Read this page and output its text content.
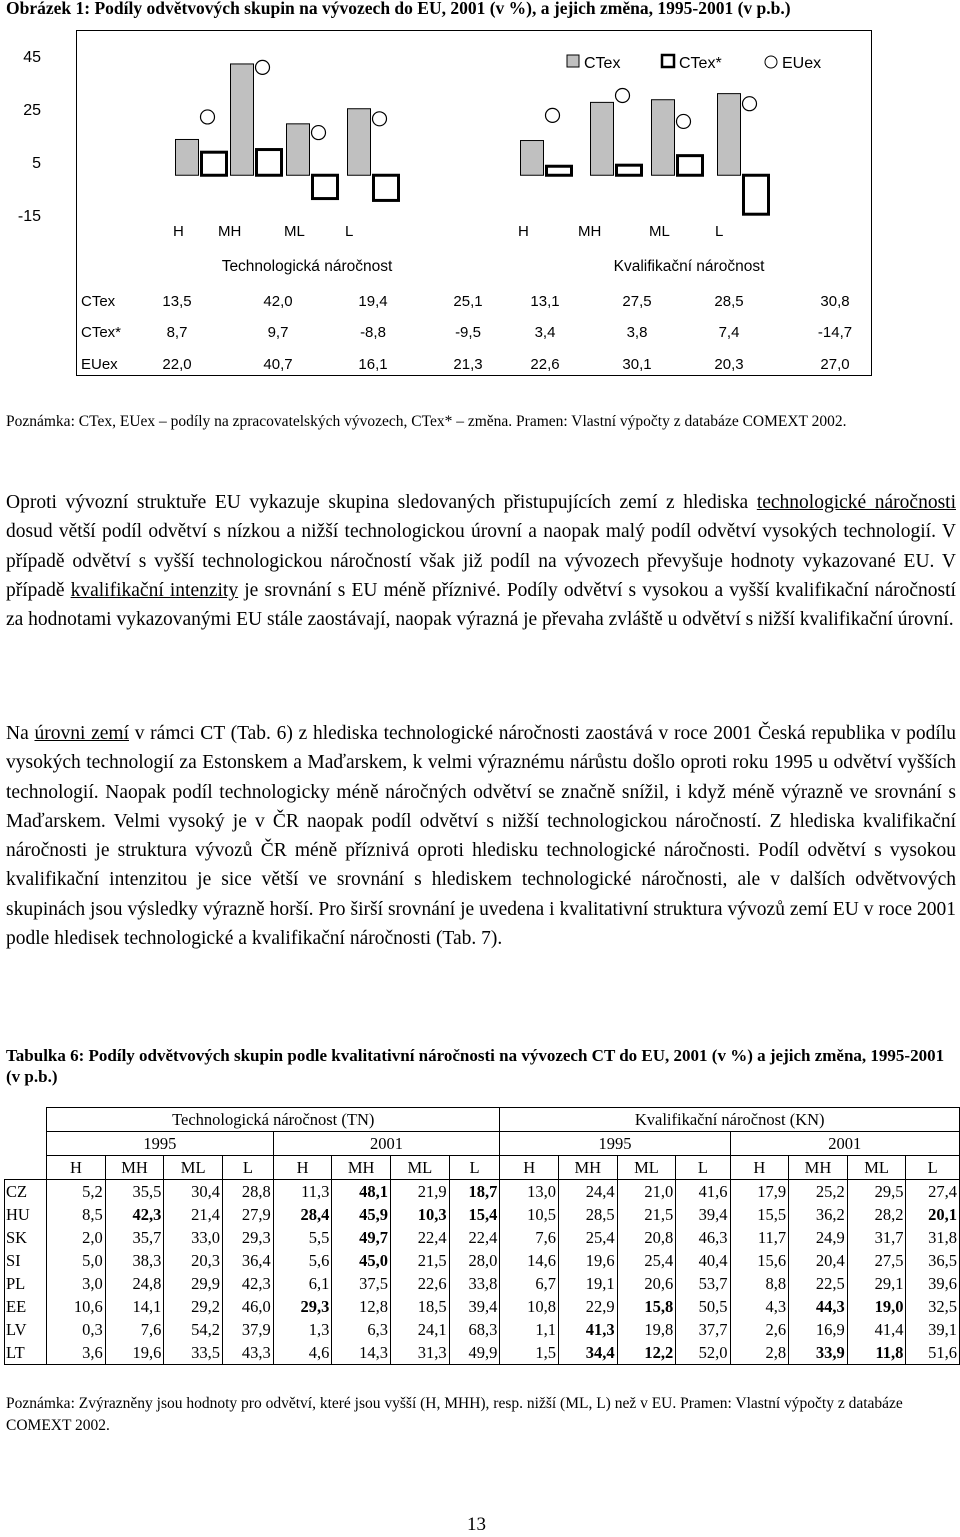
Obrázek 1: Podíly odvětvových skupin na vývozech do EU, 2001 (v %), a jejich změna, 1995-2001 (v p.b.)
45
25
5
-15
H MH	ML	L	H	MH	ML	L
Technologická náročnost	Kvalifikační náročnost
CTex	CTex*	EUex
CTex	13,5	42,0	19,4	25,1	13,1	27,5	28,5	30,8
CTex*	8,7	9,7	-8,8	-9,5	3,4	3,8	7,4	-14,7
EUex	22,0	40,7	16,1	21,3	22,6	30,1	20,3	27,0
Poznámka: CTex, EUex – podíly na zpracovatelských vývozech, CTex* – změna. Pramen: Vlastní výpočty z databáze COMEXT 2002.

Oproti vývozní struktuře EU vykazuje skupina sledovaných přistupujících zemí z hlediska technologické náročnosti dosud větší podíl odvětví s nízkou a nižší technologickou úrovní a naopak malý podíl odvětví vysokých technologií. V případě odvětví s vyšší technologickou náročností však již podíl na vývozech převyšuje hodnoty vykazované EU. V případě kvalifikační intenzity je srovnání s EU méně příznivé. Podíly odvětví s vysokou a vyšší kvalifikační náročností za hodnotami vykazovanými EU stále zaostávají, naopak výrazná je převaha zvláště u odvětví s nižší kvalifikační úrovní.

Na úrovni zemí v rámci CT (Tab. 6) z hlediska technologické náročnosti zaostává v roce 2001 Česká republika v podílu vysokých technologií za Estonskem a Maďarskem, k velmi výraznému nárůstu došlo oproti roku 1995 u odvětví vyšších technologií. Naopak podíl technologicky méně náročných odvětví se značně snížil, i když méně výrazně ve srovnání s Maďarskem. Velmi vysoký je v ČR naopak podíl odvětví s nižší technologickou náročností. Z hlediska kvalifikační náročnosti je struktura vývozů ČR méně příznivá oproti hledisku technologické náročnosti. Podíl odvětví s vysokou kvalifikační intenzitou je sice větší ve srovnání s hlediskem technologické náročnosti, ale v dalších odvětvových skupinách jsou výsledky výrazně horší. Pro širší srovnání je uvedena i kvalitativní struktura vývozů zemí EU v roce 2001 podle hledisek technologické a kvalifikační náročnosti (Tab. 7).

Tabulka 6: Podíly odvětvových skupin podle kvalitativní náročnosti na vývozech CT do EU, 2001 (v %) a jejich změna, 1995-2001 (v p.b.)
	Technologická náročnost (TN)								Kvalifikační náročnost (KN)							
	1995				2001				1995				2001			
	H	MH	ML	L	H	MH	ML	L	H	MH	ML	L	H	MH	ML	L
CZ	5,2	35,5	30,4	28,8	11,3	48,1	21,9	18,7	13,0	24,4	21,0	41,6	17,9	25,2	29,5	27,4
HU	8,5	42,3	21,4	27,9	28,4	45,9	10,3	15,4	10,5	28,5	21,5	39,4	15,5	36,2	28,2	20,1
SK	2,0	35,7	33,0	29,3	5,5	49,7	22,4	22,4	7,6	25,4	20,8	46,3	11,7	24,9	31,7	31,8
SI	5,0	38,3	20,3	36,4	5,6	45,0	21,5	28,0	14,6	19,6	25,4	40,4	15,6	20,4	27,5	36,5
PL	3,0	24,8	29,9	42,3	6,1	37,5	22,6	33,8	6,7	19,1	20,6	53,7	8,8	22,5	29,1	39,6
EE	10,6	14,1	29,2	46,0	29,3	12,8	18,5	39,4	10,8	22,9	15,8	50,5	4,3	44,3	19,0	32,5
LV	0,3	7,6	54,2	37,9	1,3	6,3	24,1	68,3	1,1	41,3	19,8	37,7	2,6	16,9	41,4	39,1
LT	3,6	19,6	33,5	43,3	4,6	14,3	31,3	49,9	1,5	34,4	12,2	52,0	2,8	33,9	11,8	51,6
Poznámka: Zvýrazněny jsou hodnoty pro odvětví, které jsou vyšší (H, MHH), resp. nižší (ML, L) než v EU. Pramen: Vlastní výpočty z databáze COMEXT 2002.
13
